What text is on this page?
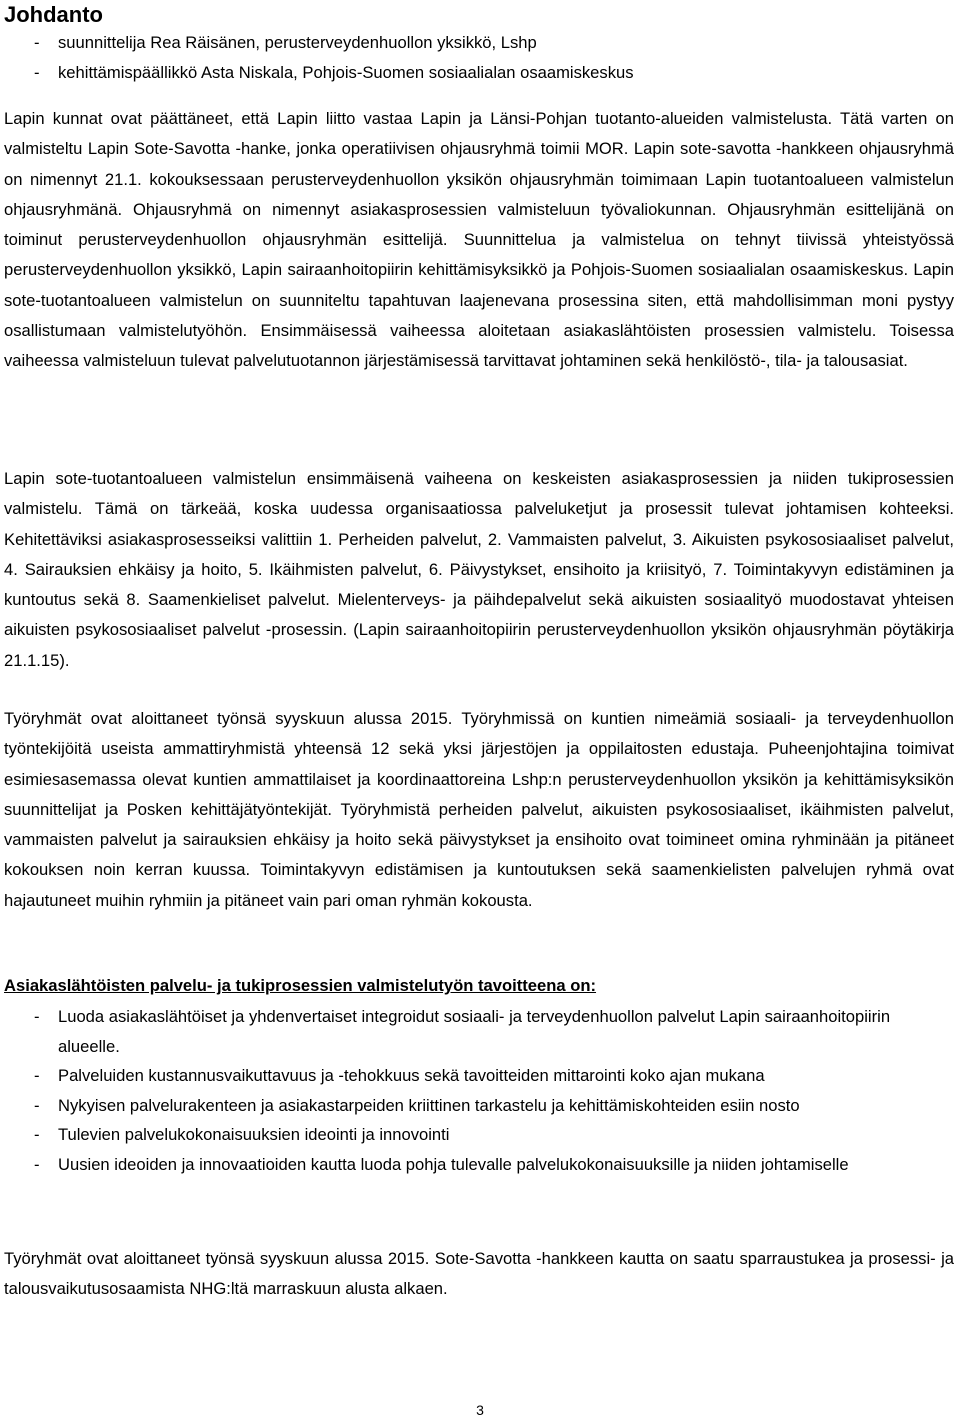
Johdanto
- suunnittelija Rea Räisänen, perusterveydenhuollon yksikkö, Lshp
- kehittämispäällikkö Asta Niskala, Pohjois-Suomen sosiaalialan osaamiskeskus

Lapin kunnat ovat päättäneet, että Lapin liitto vastaa Lapin ja Länsi-Pohjan tuotanto-alueiden valmistelusta. Tätä varten on valmisteltu Lapin Sote-Savotta -hanke, jonka operatiivisen ohjausryhmä toimii MOR. Lapin sote-savotta -hankkeen ohjausryhmä on nimennyt 21.1. kokouksessaan perusterveydenhuollon yksikön ohjausryhmän toimimaan Lapin tuotantoalueen valmistelun ohjausryhmänä. Ohjausryhmä on nimennyt asiakasprosessien valmisteluun työvaliokunnan. Ohjausryhmän esittelijänä on toiminut perusterveydenhuollon ohjausryhmän esittelijä. Suunnittelua ja valmistelua on tehnyt tiivissä yhteistyössä perusterveydenhuollon yksikkö, Lapin sairaanhoitopiirin kehittämisyksikkö ja Pohjois-Suomen sosiaalialan osaamiskeskus. Lapin sote-tuotantoalueen valmistelun on suunniteltu tapahtuvan laajenevana prosessina siten, että mahdollisimman moni pystyy osallistumaan valmistelutyöhön. Ensimmäisessä vaiheessa aloitetaan asiakaslähtöisten prosessien valmistelu. Toisessa vaiheessa valmisteluun tulevat palvelutuotannon järjestämisessä tarvittavat johtaminen sekä henkilöstö-, tila- ja talousasiat.

Lapin sote-tuotantoalueen valmistelun ensimmäisenä vaiheena on keskeisten asiakasprosessien ja niiden tukiprosessien valmistelu. Tämä on tärkeää, koska uudessa organisaatiossa palveluketjut ja prosessit tulevat johtamisen kohteeksi. Kehitettäviksi asiakasprosesseiksi valittiin 1. Perheiden palvelut, 2. Vammaisten palvelut, 3. Aikuisten psykososiaaliset palvelut, 4. Sairauksien ehkäisy ja hoito, 5. Ikäihmisten palvelut, 6. Päivystykset, ensihoito ja kriisityö, 7. Toimintakyvyn edistäminen ja kuntoutus sekä 8. Saamenkieliset palvelut. Mielenterveys- ja päihdepalvelut sekä aikuisten sosiaalityö muodostavat yhteisen aikuisten psykososiaaliset palvelut -prosessin. (Lapin sairaanhoitopiirin perusterveydenhuollon yksikön ohjausryhmän pöytäkirja 21.1.15).

Työryhmät ovat aloittaneet työnsä syyskuun alussa 2015. Työryhmissä on kuntien nimeämiä sosiaali- ja terveydenhuollon työntekijöitä useista ammattiryhmistä yhteensä 12 sekä yksi järjestöjen ja oppilaitosten edustaja. Puheenjohtajina toimivat esimiesasemassa olevat kuntien ammattilaiset ja koordinaattoreina Lshp:n perusterveydenhuollon yksikön ja kehittämisyksikön suunnittelijat ja Posken kehittäjätyöntekijät. Työryhmistä perheiden palvelut, aikuisten psykososiaaliset, ikäihmisten palvelut, vammaisten palvelut ja sairauksien ehkäisy ja hoito sekä päivystykset ja ensihoito ovat toimineet omina ryhminään ja pitäneet kokouksen noin kerran kuussa. Toimintakyvyn edistämisen ja kuntoutuksen sekä saamenkielisten palvelujen ryhmä ovat hajautuneet muihin ryhmiin ja pitäneet vain pari oman ryhmän kokousta.

Asiakaslähtöisten palvelu- ja tukiprosessien valmistelutyön tavoitteena on:

- Luoda asiakaslähtöiset ja yhdenvertaiset integroidut sosiaali- ja terveydenhuollon palvelut Lapin sairaanhoitopiirin alueelle.
- Palveluiden kustannusvaikuttavuus ja -tehokkuus sekä tavoitteiden mittarointi koko ajan mukana
- Nykyisen palvelurakenteen ja asiakastarpeiden kriittinen tarkastelu ja kehittämiskohteiden esiin nosto
- Tulevien palvelukokonaisuuksien ideointi ja innovointi
- Uusien ideoiden ja innovaatioiden kautta luoda pohja tulevalle palvelukokonaisuuksille ja niiden johtamiselle

Työryhmät ovat aloittaneet työnsä syyskuun alussa 2015. Sote-Savotta -hankkeen kautta on saatu sparraustukea ja prosessi- ja talousvaikutusosaamista NHG:ltä marraskuun alusta alkaen.

3
